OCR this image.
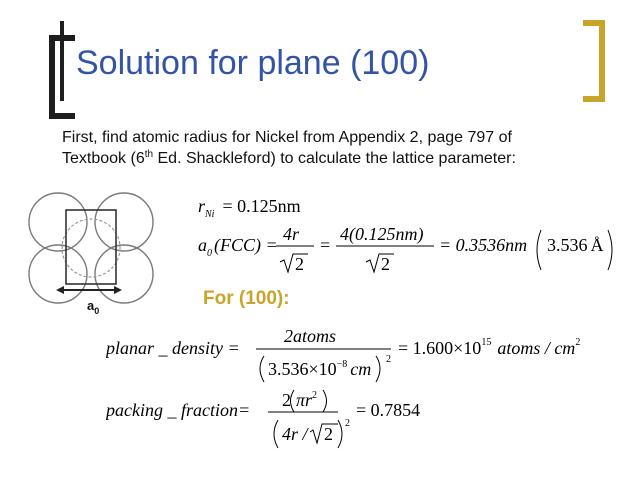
Solution for plane (100)

First, find atomic radius for Nickel from Appendix 2, page 797 of
Textbook (6th Ed. Shackleford) to calculate the lattice parameter:

$a_0$
$r_{Ni} = 0.125nm$
$a_0$ (FCC) =
4r
2
=
4(0.125nm)
2
= 0.3536nm 3.536 Å

For (100):

planar _ density =
2atoms
$3.536\times 10^{-8}$ cm 2
= $1.600\times 10^{15}$ atoms / $cm^2$
packing _ fraction= 2 $\pi r^2$
4r / 2
2
= 0.7854
